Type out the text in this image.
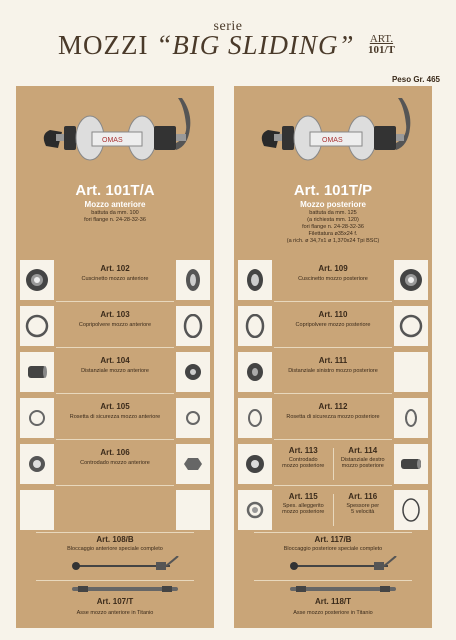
serie
MOZZI “BIG SLIDING” ART.
101/T
Peso Gr. 465
OMAS
Art. 101T/A
Mozzo anteriore
battuta da mm. 100
fori flange n. 24-28-32-36
Art. 102
Cuscinetto mozzo anteriore
Art. 103
Copripolvere mozzo anteriore
Art. 104
Distanziale mozzo anteriore
Art. 105
Rosetta di sicurezza mozzo anteriore
Art. 106
Controdado mozzo anteriore
Art. 108/B
Bloccaggio anteriore speciale completo
Art. 107/T
Asse mozzo anteriore in Titanio
OMAS
Art. 101T/P
Mozzo posteriore
battuta da mm. 125
(a richiesta mm. 120)
fori flange n. 24-28-32-36
Filettatura ø35x24 f.
(a rich. ø 34,7x1 ø 1,370x24 Tpi BSC)
Art. 109
Cuscinetto mozzo posteriore
Art. 110
Copripolvere mozzo posteriore
Art. 111
Distanziale sinistro mozzo posteriore
Art. 112
Rosetta di sicurezza mozzo posteriore
Art. 113
Controdado
mozzo posteriore
Art. 114
Distanziale destro
mozzo posteriore
Art. 115
Spes. alleggerito
mozzo posteriore
Art. 116
Spessore per
5 velocità
Art. 117/B
Bloccaggio posteriore speciale completo
Art. 118/T
Asse mozzo posteriore in Titanio
